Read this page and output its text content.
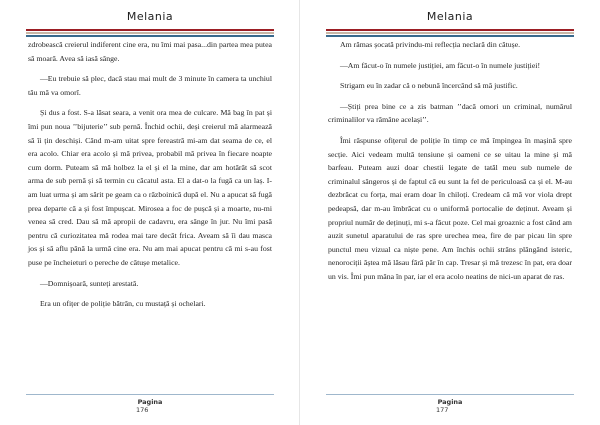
Melania

zdrobească creierul indiferent cine era, nu îmi mai pasa...din partea mea putea să moară. Avea să iasă sânge.

—Eu trebuie să plec, dacă stau mai mult de 3 minute în camera ta unchiul tău mă va omorî.

Și dus a fost. S-a lăsat seara, a venit ora mea de culcare. Mă bag în pat și îmi pun noua ’’bijuterie’’ sub pernă. Închid ochii, deși creierul mă alarmează să îi țin deschiși. Când m-am uitat spre fereastră mi-am dat seama de ce, el era acolo. Chiar era acolo și mă privea, probabil mă privea în fiecare noapte cum dorm. Puteam să mă holbez la el și el la mine, dar am hotărât să scot arma de sub pernă și să termin cu căcatul asta. El a dat-o la fugă ca un laș. I-am luat urma și am sărit pe geam ca o războinică după el. Nu a apucat să fugă prea departe că a și fost împușcat. Mirosea a foc de pușcă și a moarte, nu-mi venea să cred. Dau să mă apropii de cadavru, era sânge în jur. Nu îmi pasă pentru că curiozitatea mă rodea mai tare decât frica. Aveam să îi dau masca jos și să aflu până la urmă cine era. Nu am mai apucat pentru că mi s-au fost puse pe încheieturi o pereche de cătușe metalice.

—Domnișoară, sunteți arestată.

Era un ofițer de poliție bătrân, cu mustață și ochelari.

Pagina
176
Melania

Am rămas șocată privindu-mi reflecția neclară din cătușe.

—Am făcut-o în numele justiției, am făcut-o în numele justiției!

Strigam eu în zadar că o nebună încercând să mă justific.

—Știți prea bine ce a zis batman ’’dacă omori un criminal, numărul criminalilor va rămâne același’’.

Îmi răspunse ofițerul de poliție în timp ce mă împingea în mașină spre secție. Aici vedeam multă tensiune și oameni ce se uitau la mine și mă barfeau. Puteam auzi doar chestii legate de tatăl meu sub numele de criminalul sângeros și de faptul că eu sunt la fel de periculoasă ca și el. M-au dezbrăcat cu forța, mai eram doar în chiloți. Credeam că mă vor viola drept pedeapsă, dar m-au îmbrăcat cu o uniformă portocalie de deținut. Aveam și propriul număr de deținuți, mi s-a făcut poze. Cel mai groaznic a fost când am auzit sunetul aparatului de ras spre urechea mea, fire de par picau lin spre punctul meu vizual ca niște pene. Am închis ochii strâns plângând isteric, nenorociții ăștea mă lăsau fără păr în cap. Tresar și mă trezesc în pat, era doar un vis. Îmi pun mâna în par, iar el era acolo neatins de nici-un aparat de ras.

Pagina
177
